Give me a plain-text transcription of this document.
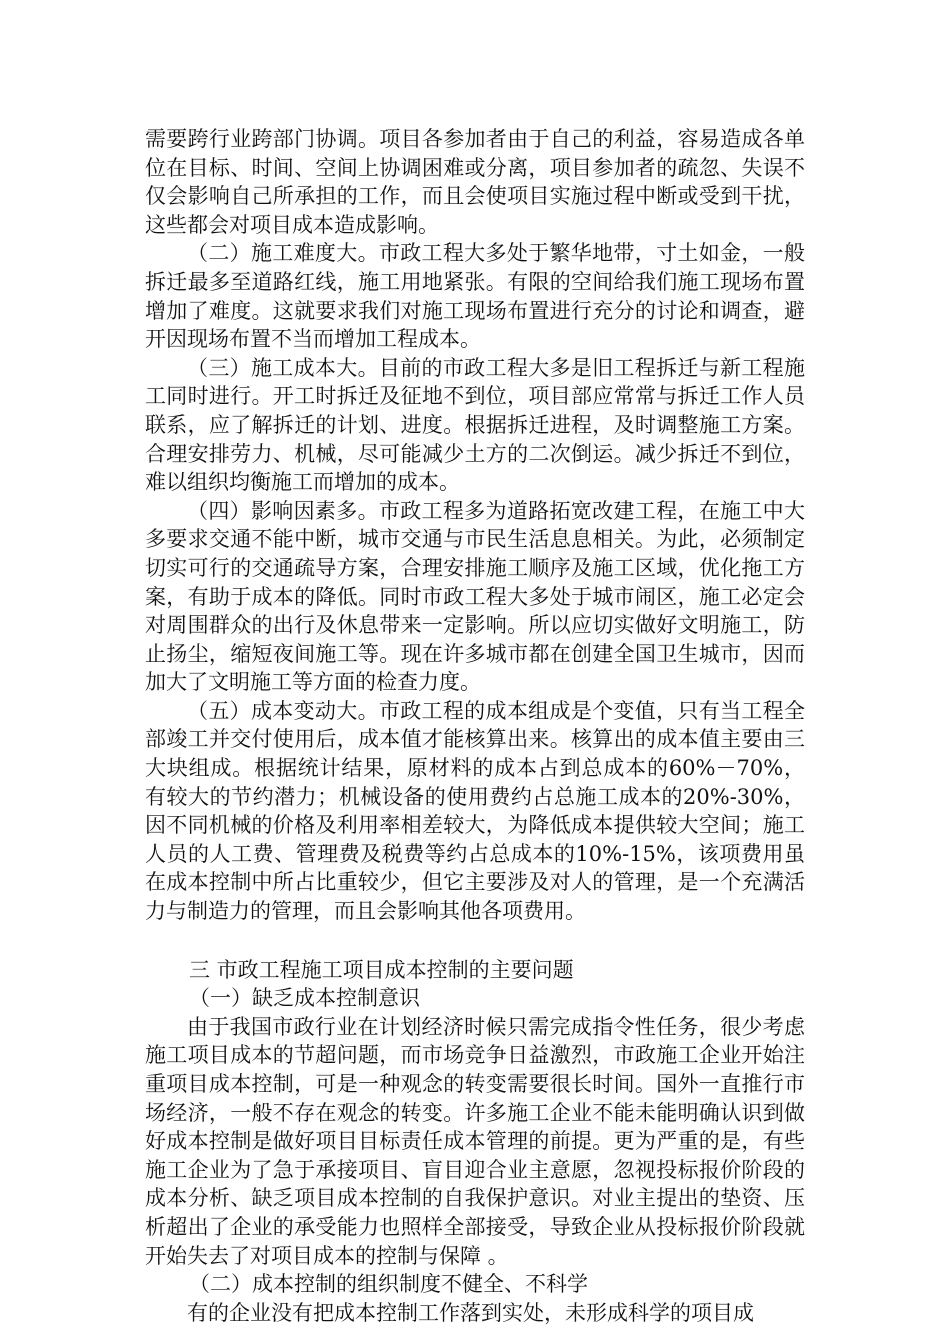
需要跨行业跨部门协调。项目各参加者由于自己的利益，容易造成各单位在目标、时间、空间上协调困难或分离，项目参加者的疏忽、失误不仅会影响自己所承担的工作，而且会使项目实施过程中断或受到干扰，这些都会对项目成本造成影响。

（二）施工难度大。市政工程大多处于繁华地带，寸土如金，一般拆迁最多至道路红线，施工用地紧张。有限的空间给我们施工现场布置增加了难度。这就要求我们对施工现场布置进行充分的讨论和调查，避开因现场布置不当而增加工程成本。

（三）施工成本大。目前的市政工程大多是旧工程拆迁与新工程施工同时进行。开工时拆迁及征地不到位，项目部应常常与拆迁工作人员联系，应了解拆迁的计划、进度。根据拆迁进程，及时调整施工方案。合理安排劳力、机械，尽可能减少土方的二次倒运。减少拆迁不到位，难以组织均衡施工而增加的成本。

（四）影响因素多。市政工程多为道路拓宽改建工程，在施工中大多要求交通不能中断，城市交通与市民生活息息相关。为此，必须制定切实可行的交通疏导方案，合理安排施工顺序及施工区域，优化拖工方案，有助于成本的降低。同时市政工程大多处于城市闹区，施工必定会对周围群众的出行及休息带来一定影响。所以应切实做好文明施工，防止扬尘，缩短夜间施工等。现在许多城市都在创建全国卫生城市，因而加大了文明施工等方面的检查力度。

（五）成本变动大。市政工程的成本组成是个变值，只有当工程全部竣工并交付使用后，成本值才能核算出来。核算出的成本值主要由三大块组成。根据统计结果，原材料的成本占到总成本的60%－70%，有较大的节约潜力；机械设备的使用费约占总施工成本的20%-30%，因不同机械的价格及利用率相差较大，为降低成本提供较大空间；施工人员的人工费、管理费及税费等约占总成本的10%-15%，该项费用虽在成本控制中所占比重较少，但它主要涉及对人的管理，是一个充满活力与制造力的管理，而且会影响其他各项费用。

三 市政工程施工项目成本控制的主要问题

（一）缺乏成本控制意识

由于我国市政行业在计划经济时候只需完成指令性任务，很少考虑施工项目成本的节超问题，而市场竞争日益激烈，市政施工企业开始注重项目成本控制，可是一种观念的转变需要很长时间。国外一直推行市场经济，一般不存在观念的转变。许多施工企业不能未能明确认识到做好成本控制是做好项目目标责任成本管理的前提。更为严重的是，有些施工企业为了急于承接项目、盲目迎合业主意愿，忽视投标报价阶段的成本分析、缺乏项目成本控制的自我保护意识。对业主提出的垫资、压析超出了企业的承受能力也照样全部接受，导致企业从投标报价阶段就开始失去了对项目成本的控制与保障 。

（二）成本控制的组织制度不健全、不科学

有的企业没有把成本控制工作落到实处，未形成科学的项目成
